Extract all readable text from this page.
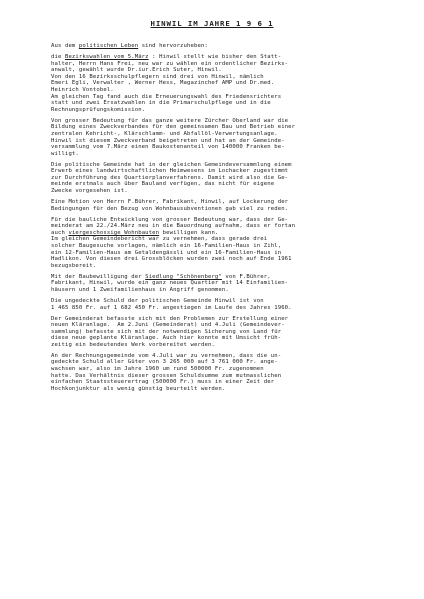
HINWIL IM JAHRE 1 9 6 1
Aus dem politischen Leben sind hervorzuheben:
die Bezirkswahlen vom 5.März : Hinwil stellt wie bisher den Statt-
halter, Herrn Hans Frei, neu war zu wählen ein ordentlicher Bezirks-
anwalt, gewählt wurde Dr.iur.Erich Suter, Hinwil.
Von den 16 Bezirksschulpflegern sind drei von Hinwil, nämlich
Emeri Egli, Verwalter , Werner Hess, Magazinchef AMP und Dr.med.
Heinrich Vontobel.
Am gleichen Tag fand auch die Erneuerungswahl des Friedensrichters
statt und zwei Ersatzwahlen in die Primarschulpflege und in die
Rechnungsprüfungskomission.
Von grosser Bedeutung für das ganze weitere Zürcher Oberland war die
Bildung eines Zweckverbandes für den gemeinsamen Bau und Betrieb einer
zentralen Kehricht-, Klärschlamm- und Abfallöl-Verwertungsanlage.
Hinwil ist diesem Zweckverband beigetreten und hat an der Gemeinde-
versammlung vom 7.März einen Baukostenanteil von 140000 Franken be-
willigt.
Die politische Gemeinde hat in der gleichen Gemeindeversammlung einem
Erwerb eines landwirtschaftlichen Heimwesens im Lochacker zugestimmt
zur Durchführung des Quartierplanverfahrens. Damit wird also die Ge-
meinde erstmals auch über Bauland verfügen, das nicht für eigene
Zwecke vorgesehen ist.
Eine Motion von Herrn F.Bührer, Fabrikant, Hinwil, auf Lockerung der
Bedingungen für den Bezug von Wohnbausubventionen gab viel zu reden.
Für die bauliche Entwicklung von grosser Bedeutung war, dass der Ge-
meinderat am 22./24.März neu in die Bauordnung aufnahm, dass er fortan
auch viergeschossige Wohnbauten bewilligen kann.
Im gleichen Gemeindebericht war zu vernehmen, dass gerade drei
solcher Baugesuche vorlagen, nämlich ein 16-Familien-Haus in Zihl,
ein 12-Familien-Haus am Getaldengässli und ein 16-Familien-Haus in
Hadlikon. Von diesen drei Grossblöcken wurden zwei noch auf Ende 1961
bezugsbereit.
Mit der Baubewilligung der Siedlung "Schönenberg" von F.Bührer,
Fabrikant, Hinwil, wurde ein ganz neues Quartier mit 14 Einfamilien-
häusern und 1 Zweifamilienhaus in Angriff genommen.
Die ungedeckte Schuld der politischen Gemeinde Hinwil ist von
1 465 850 Fr. auf 1 682 450 Fr. angestiegen im Laufe des Jahres 1960.
Der Gemeinderat befasste sich mit den Problemen zur Erstellung einer
neuen Kläranlage.  Am 2.Juni (Gemeinderat) und 4.Juli (Gemeindever-
sammlung) befasste sich mit der notwendigen Sicherung von Land für
diese neue geplante Kläranlage. Auch hier konnte mit Umsicht früh-
zeitig ein bedeutendes Werk vorbereitet werden.
An der Rechnungsgemeinde vom 4.Juli war zu vernehmen, dass die un-
gedeckte Schuld aller Güter von 3 265 000 auf 3 761 000 Fr. ange-
wachsen war, also im Jahre 1960 um rund 500000 Fr. zugenommen
hatte. Das Verhältnis dieser grossen Schuldsumme zum mutmasslichen
einfachen Staatssteuerertrag (500000 Fr.) muss in einer Zeit der
Hochkonjunktur als wenig günstig beurteilt werden.
